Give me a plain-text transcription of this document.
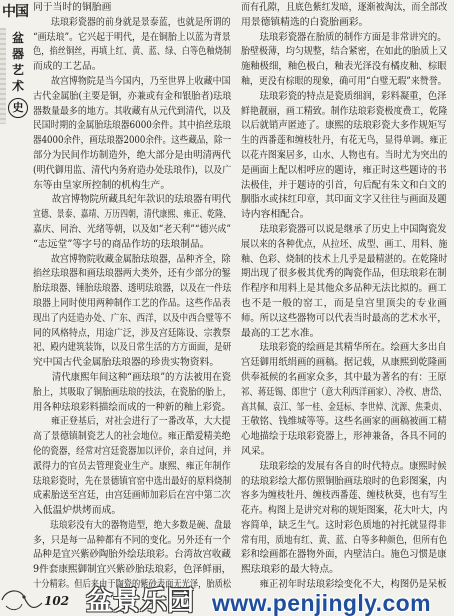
中国
盆
器
艺
术
史
同于当时的铜胎画
珐琅彩瓷器的前身就是景泰蓝，也就是所谓的
“画珐琅”。它兴起于明代，是在铜胎上以蓝为背景
色，掐丝铜丝，再填上红、黄、蓝、绿、白等色釉烧制
而成的工艺品。
故宫博物院是当今国内，乃至世界上收藏中国
古代金属胎(主要是铜，亦兼或有金和银胎者)珐琅
器数量最多的地方。其收藏有从元代到清代，以及
民国时期的金属胎珐琅器6000余件。其中掐丝珐琅
器4000余件，画珐琅器2000余件。这些藏品，除一
部分为民间作坊制造外，绝大部分是由明清两代
(明代御用监、清代内务府造办处珐琅作)，以及广
东等由皇家所控制的机构生产。
故宫博物院所藏具纪年款识的珐琅器有明代
宣德、景泰、嘉靖、万历四朝，清代康熙、雍正、乾隆、
嘉庆、同治、光绪等朝，以及如“老天利”“德兴成”
“志远堂”等字号的商品作坊的珐琅制品。
故宫博物院收藏金属胎珐琅器，品种齐全，除
掐丝珐琅器和画珐琅器两大类外，还有少部分的錾
胎珐琅器、锤胎珐琅器、透明珐琅器，以及在一件珐
琅器上同时使用两种制作工艺的作品。这些作品表
现出了内廷造办处、广东、西洋，以及中西合璧等不
同的风格特点，用途广泛，涉及宫廷陈设、宗教祭
祀、殿内建筑装饰，以及日常生活的方方面面，是研
究中国古代金属胎珐琅器的珍贵实物资料。
清代康熙年间这种“画珐琅”的方法被用在瓷
胎上，其吸取了铜胎画珐琅的技法，在瓷胎的胎上，
用各种珐琅彩料描绘而成的一种新的釉上彩瓷。
雍正登基后，对社会进行了一番改革，大大提
高了景德镇制瓷艺人的社会地位。雍正酷爱精美绝
伦的瓷器，经常对宫廷瓷器加以评价，亲自过问，并
派得力的官员去管理瓷业生产。康熙、雍正年制作
珐琅彩瓷时，先在景德镇官窑中选出最好的原料烧制
成素胎送至宫廷，由宫廷画师加彩后在宫中第二次
入低温炉烘烤而成。
珐琅彩没有大的器物造型，绝大多数是碗、盘最
多，只是每一品种都有不同的变化。另外还有一个
品种是宜兴紫砂陶胎外绘珐琅彩。台湾故宫收藏
9件套康熙御制宜兴紫砂胎珐琅彩，色泽鲜丽，
十分精彩。但后来由于陶瓷的紫砂表面无光泽，胎质松
而有孔隙，且底色紫红发暗，逐渐被淘汰，而全部改
用景德镇精选的白瓷胎画彩。
珐琅彩瓷器在胎质的制作方面是非常讲究的。
胎壁极薄，均匀规整，结合紧密，在如此的胎质上又
施釉极细，釉色极白，釉表光泽没有橘皮釉、棕眼
釉，更没有棕眼的现象，确可用“白璧无瑕”来赞誉。
珐琅彩瓷的特点是瓷质细润，彩料凝重，色泽
鲜艳靓丽，画工精致。制作珐琅彩瓷极度费工，乾隆
以后就销声匿迹了。康熙的珐琅彩瓷大多作规矩写
生的西番莲和缠枝牡丹，有花无鸟，显得单调。雍正
以花卉图案居多，山水、人物也有。当时尤为突出的
是画面上配以相呼应的题诗，雍正时这些题诗的书
法极佳，并于题诗的引首，句后配有朱文和白文的
胭脂水或抹红印章，其印面文字又往往与画面及题
诗内容相配合。
珐琅彩瓷器可以说是继承了历史上中国陶瓷发
展以来的各种优点，从拉坯、成型、画工、用料、施
釉、色彩、烧制的技术上几乎是最精湛的。在乾隆时
期出现了很多极其优秀的陶瓷作品，但珐琅彩在制
作程序和用料上是其他众多品种无法比拟的。画工
也不是一般的窑工，而是皇宫里顶尖的专业画
师。所以这些器物可以代表当时最高的艺术水平，
最高的工艺水准。
珐琅彩瓷的绘画是其精华所在。绘画大多出自
宫廷御用纸绢画的画稿。据记载，从康熙到乾隆画
供奉祗候的名画家众多，其中最为著名的有：王原
祁、蒋廷锡、郎世宁（意大利西洋画家）、冷枚、唐岱、
高其佩、袁江、邹一桂、金廷标、李世倬、沈源、焦秉贞、
王敬铭、钱维城等等。这些名画家的画稿被画工精
心地描绘于珐琅彩瓷器上，形神兼备，各具不同的
风采。
珐琅彩绘的发展有各自的时代特点。康熙时候
的珐琅彩绘大都仿照铜胎画珐琅时的色彩图案，内
容多为缠枝牡丹、缠枝西番莲、缠枝秋葵，也有写生
花卉。构图上是讲究对称的规矩图案，花大叶大，内
容简单，缺乏生气。这时彩色质地的衬托就显得非
常有用，质地有红、黄、蓝、白等多种颜色，但所有色
彩和绘画都在器物外面，内壁洁白。施色习惯是康
熙珐琅彩的最大特点。
雍正初年时珐琅彩绘变化不大，构图仍是呆板
102 盆景乐园 www.penjingly.com
